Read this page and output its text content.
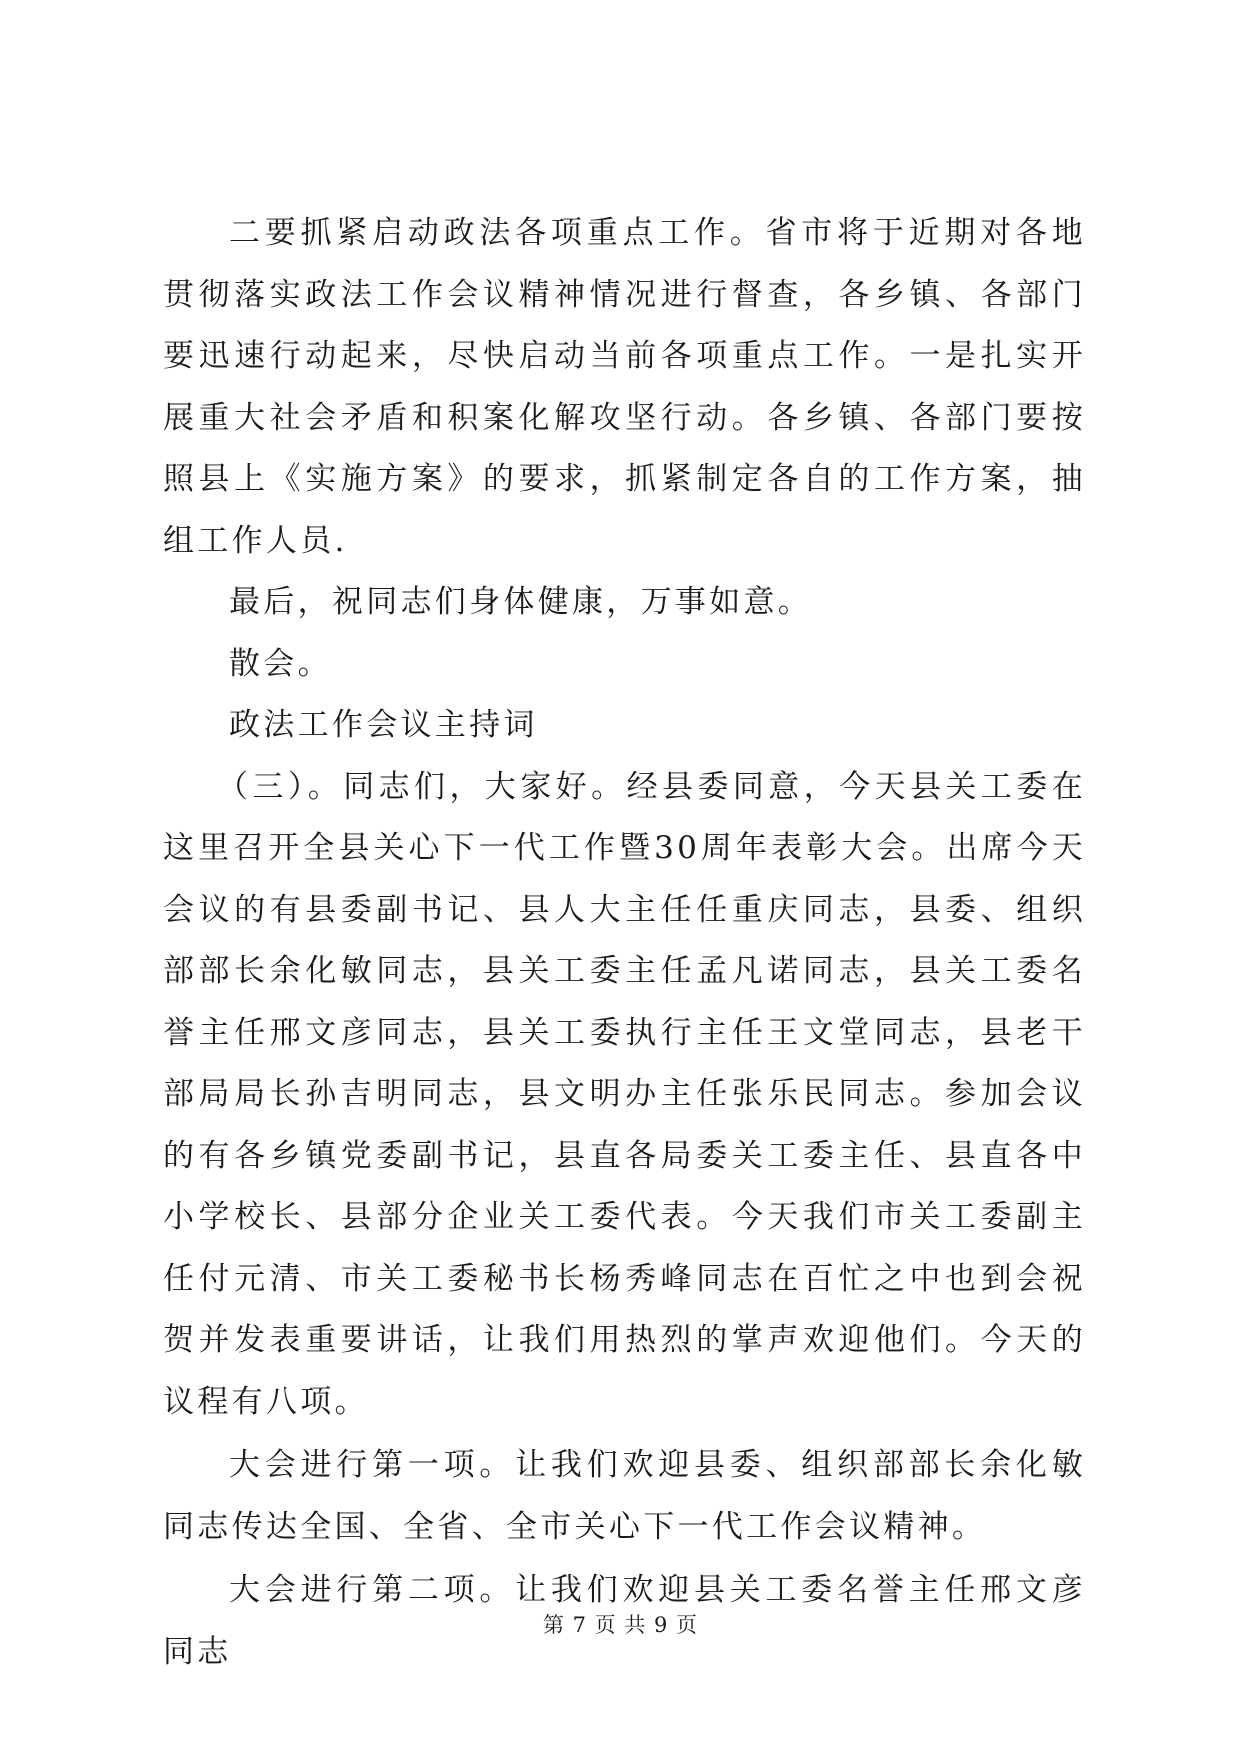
二要抓紧启动政法各项重点工作。省市将于近期对各地贯彻落实政法工作会议精神情况进行督查，各乡镇、各部门要迅速行动起来，尽快启动当前各项重点工作。一是扎实开展重大社会矛盾和积案化解攻坚行动。各乡镇、各部门要按照县上《实施方案》的要求，抓紧制定各自的工作方案，抽组工作人员.

最后，祝同志们身体健康，万事如意。

散会。

政法工作会议主持词

（三）。同志们，大家好。经县委同意，今天县关工委在这里召开全县关心下一代工作暨30周年表彰大会。出席今天会议的有县委副书记、县人大主任任重庆同志，县委、组织部部长余化敏同志，县关工委主任孟凡诺同志，县关工委名誉主任邢文彦同志，县关工委执行主任王文堂同志，县老干部局局长孙吉明同志，县文明办主任张乐民同志。参加会议的有各乡镇党委副书记，县直各局委关工委主任、县直各中小学校长、县部分企业关工委代表。今天我们市关工委副主任付元清、市关工委秘书长杨秀峰同志在百忙之中也到会祝贺并发表重要讲话，让我们用热烈的掌声欢迎他们。今天的议程有八项。

大会进行第一项。让我们欢迎县委、组织部部长余化敏同志传达全国、全省、全市关心下一代工作会议精神。

大会进行第二项。让我们欢迎县关工委名誉主任邢文彦同志

第 7 页 共 9 页
